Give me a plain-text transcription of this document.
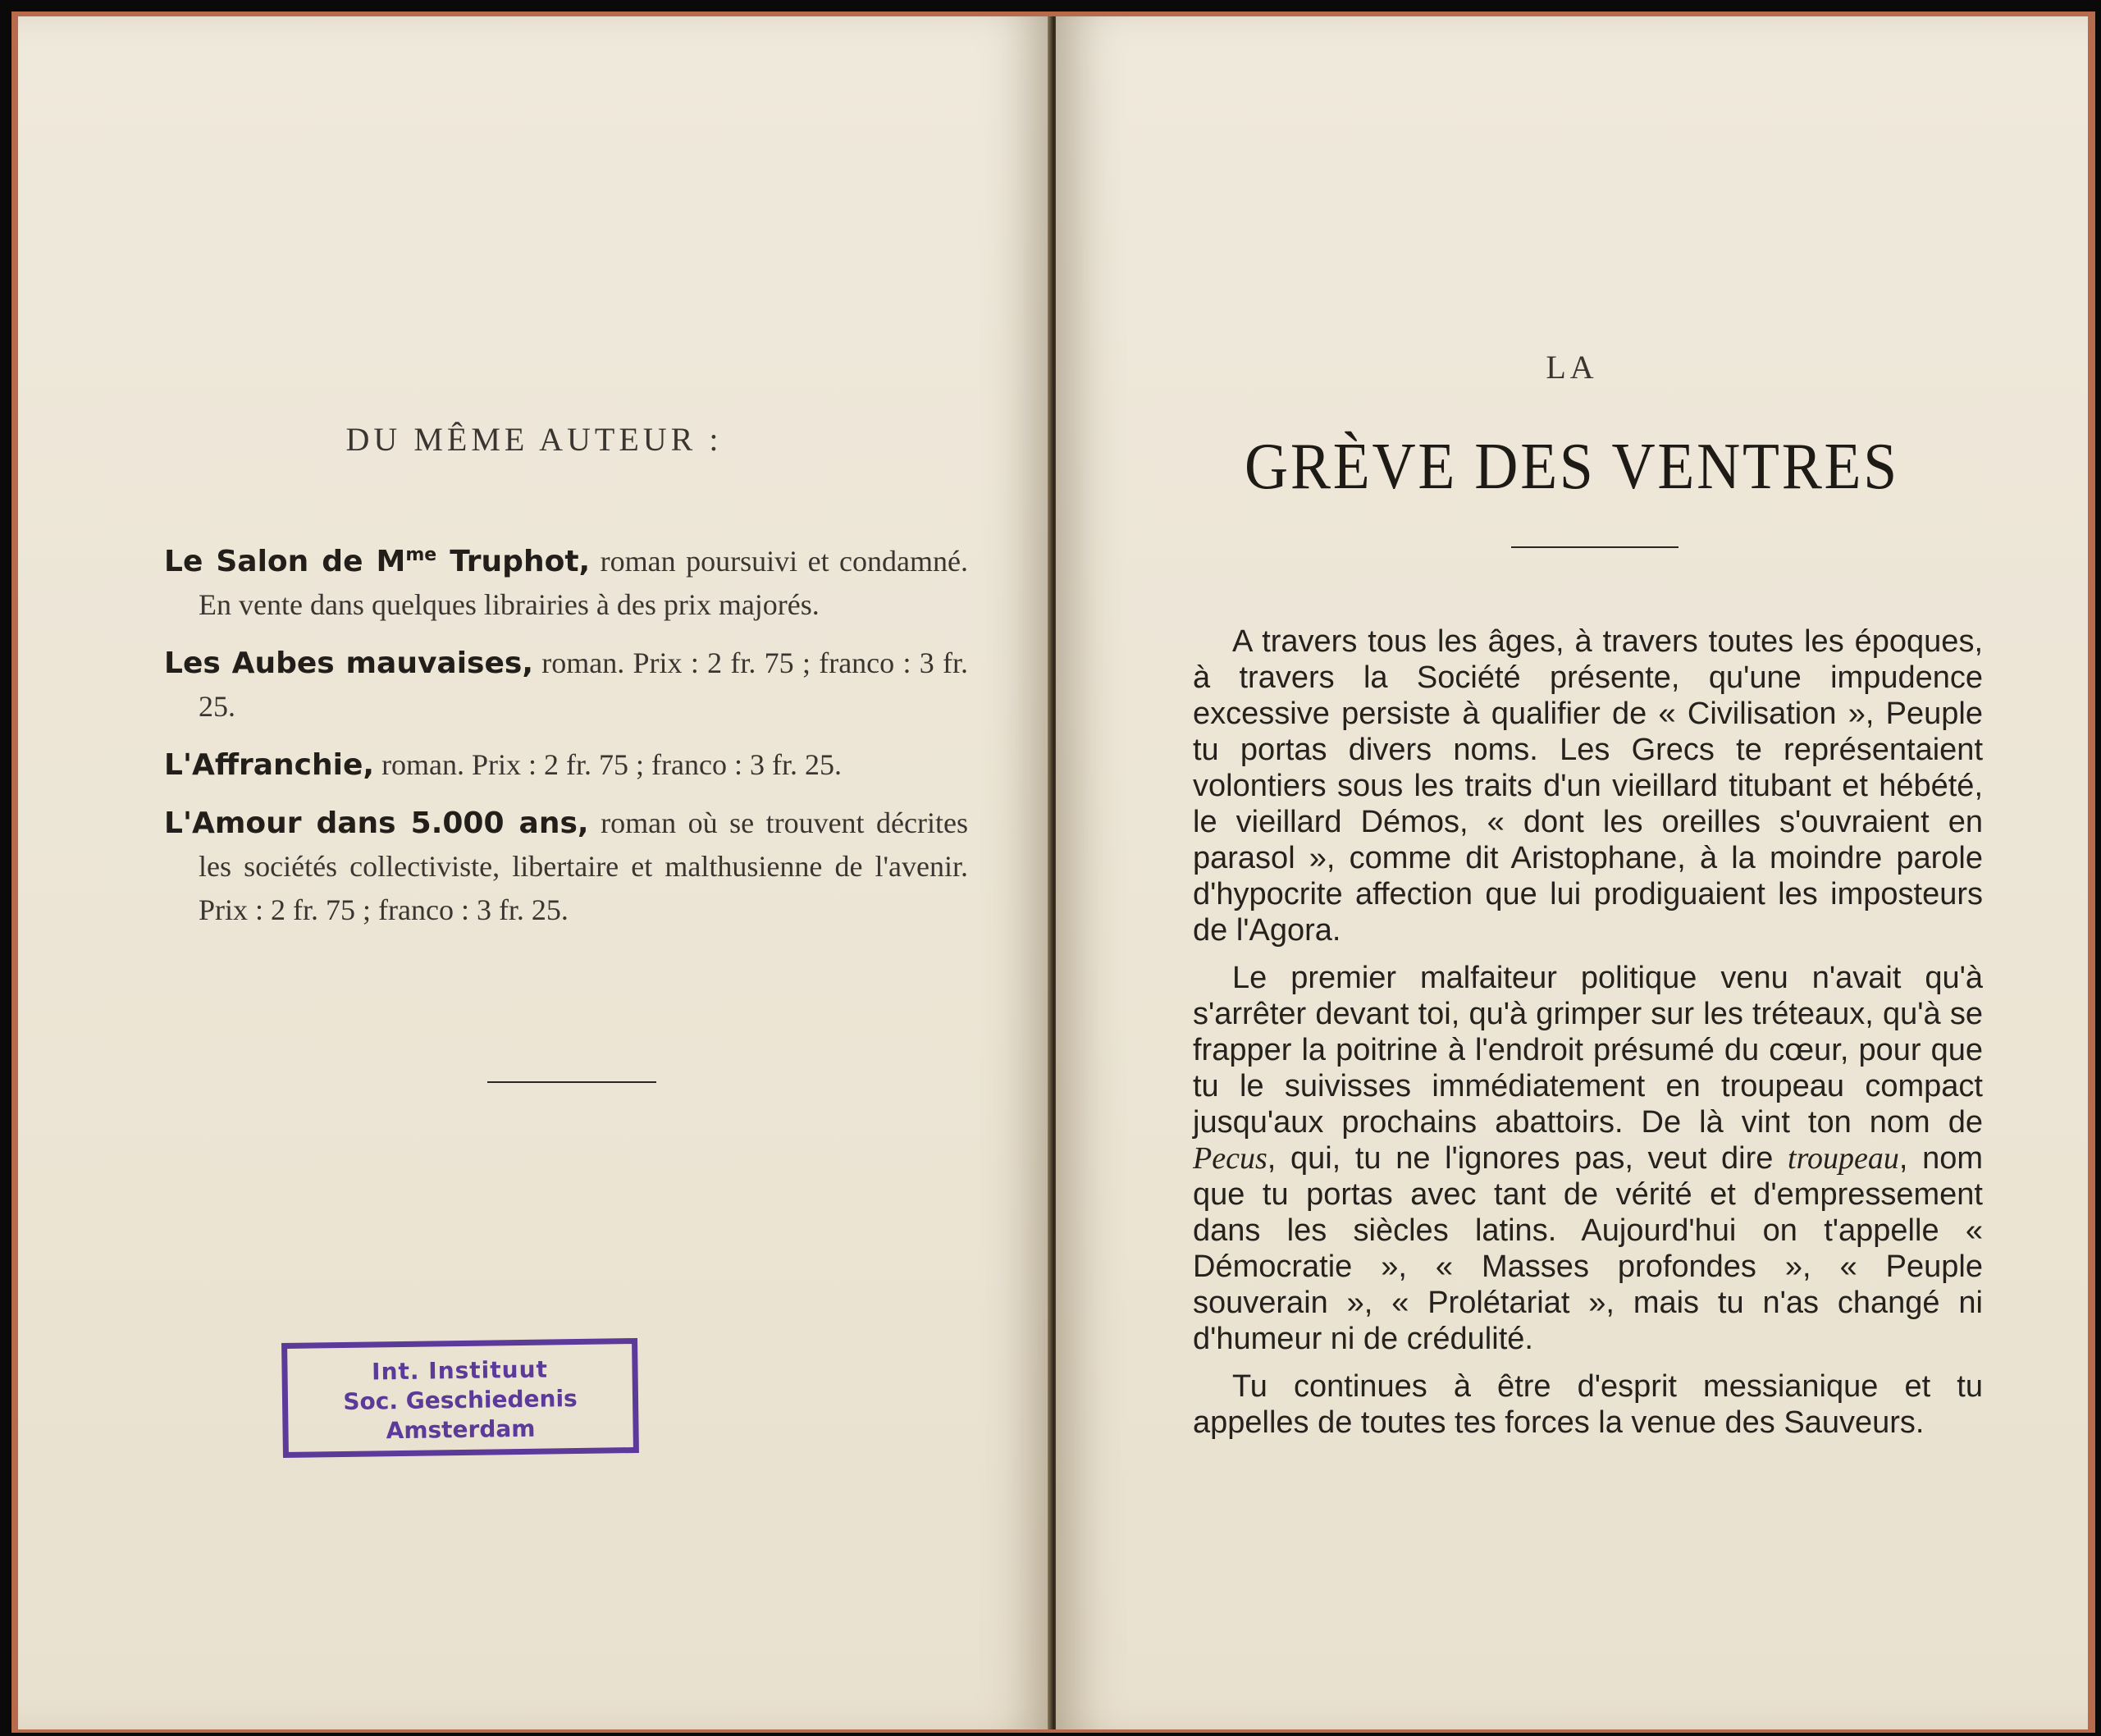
DU MÊME AUTEUR :

Le Salon de $M^{me}$ Truphot, roman poursuivi et condamné. En vente dans quelques librairies à des prix majorés.

Les Aubes mauvaises, roman. Prix : 2 fr. 75 ; franco : 3 fr. 25.

L'Affranchie, roman. Prix : 2 fr. 75 ; franco : 3 fr. 25.

L'Amour dans 5.000 ans, roman où se trouvent décrites les sociétés collectiviste, libertaire et malthusienne de l'avenir. Prix : 2 fr. 75 ; franco : 3 fr. 25.

Int. Instituut
Soc. Geschiedenis
Amsterdam
LA
GRÈVE DES VENTRES

A travers tous les âges, à travers toutes les époques, à travers la Société présente, qu'une impudence excessive persiste à qualifier de « Civilisation », Peuple tu portas divers noms. Les Grecs te représentaient volontiers sous les traits d'un vieillard titubant et hébété, le vieillard Démos, « dont les oreilles s'ouvraient en parasol », comme dit Aristophane, à la moindre parole d'hypocrite affection que lui prodiguaient les imposteurs de l'Agora.

Le premier malfaiteur politique venu n'avait qu'à s'arrêter devant toi, qu'à grimper sur les tréteaux, qu'à se frapper la poitrine à l'endroit présumé du cœur, pour que tu le suivisses immédiatement en troupeau compact jusqu'aux prochains abattoirs. De là vint ton nom de Pecus, qui, tu ne l'ignores pas, veut dire troupeau, nom que tu portas avec tant de vérité et d'empressement dans les siècles latins. Aujourd'hui on t'appelle « Démocratie », « Masses profondes », « Peuple souverain », « Prolétariat », mais tu n'as changé ni d'humeur ni de crédulité.

Tu continues à être d'esprit messianique et tu appelles de toutes tes forces la venue des Sauveurs.
